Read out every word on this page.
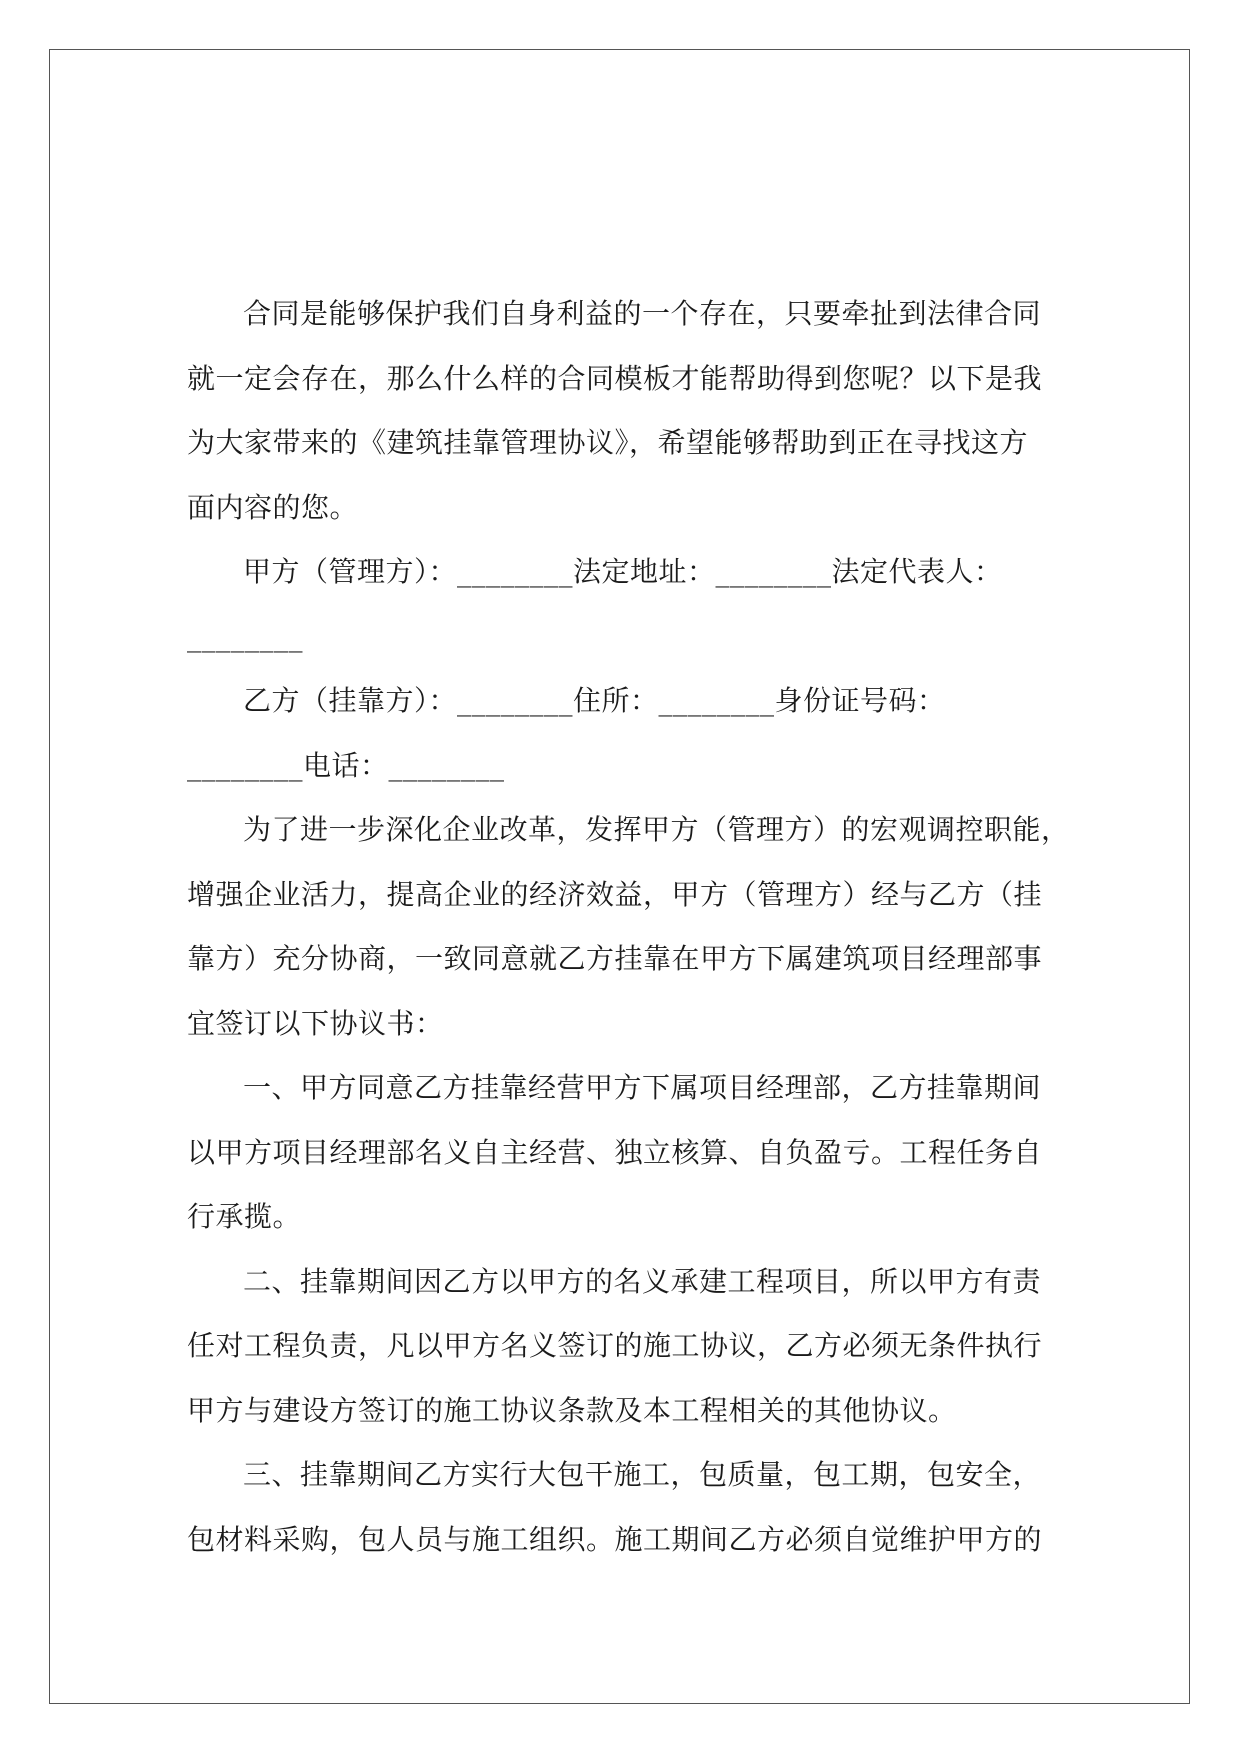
合同是能够保护我们自身利益的一个存在，只要牵扯到法律合同
就一定会存在，那么什么样的合同模板才能帮助得到您呢？以下是我
为大家带来的《建筑挂靠管理协议》，希望能够帮助到正在寻找这方
面内容的您。

甲方（管理方）：________法定地址：________法定代表人：
________

乙方（挂靠方）：________住所：________身份证号码：
________电话：________

为了进一步深化企业改革，发挥甲方（管理方）的宏观调控职能，
增强企业活力，提高企业的经济效益，甲方（管理方）经与乙方（挂
靠方）充分协商，一致同意就乙方挂靠在甲方下属建筑项目经理部事
宜签订以下协议书：

一、甲方同意乙方挂靠经营甲方下属项目经理部，乙方挂靠期间
以甲方项目经理部名义自主经营、独立核算、自负盈亏。工程任务自
行承揽。

二、挂靠期间因乙方以甲方的名义承建工程项目，所以甲方有责
任对工程负责，凡以甲方名义签订的施工协议，乙方必须无条件执行
甲方与建设方签订的施工协议条款及本工程相关的其他协议。

三、挂靠期间乙方实行大包干施工，包质量，包工期，包安全，
包材料采购，包人员与施工组织。施工期间乙方必须自觉维护甲方的
